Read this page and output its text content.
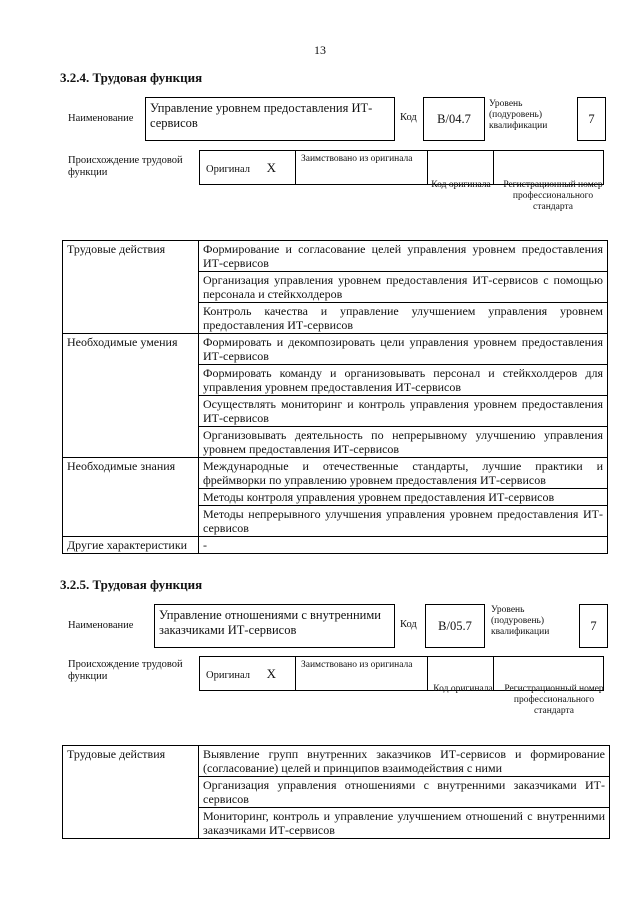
13
3.2.4. Трудовая функция
Наименование
Управление уровнем предоставления ИТ-сервисов	Код	B/04.7
Уровень (подуровень) квалификации	7
Происхождение трудовой функции	Оригинал X	Заимствовано из оригинала		
Код оригинала	Регистрационный номер профессионального стандарта
Трудовые действия	Формирование и согласование целей управления уровнем предоставления ИТ-сервисов
	Организация управления уровнем предоставления ИТ-сервисов с помощью персонала и стейкхолдеров
	Контроль качества и управление улучшением управления уровнем предоставления ИТ-сервисов
Необходимые умения	Формировать и декомпозировать цели управления уровнем предоставления ИТ-сервисов
	Формировать команду и организовывать персонал и стейкхолдеров для управления уровнем предоставления ИТ-сервисов
	Осуществлять мониторинг и контроль управления уровнем предоставления ИТ-сервисов
	Организовывать деятельность по непрерывному улучшению управления уровнем предоставления ИТ-сервисов
Необходимые знания	Международные и отечественные стандарты, лучшие практики и фреймворки по управлению уровнем предоставления ИТ-сервисов
	Методы контроля управления уровнем предоставления ИТ-сервисов
	Методы непрерывного улучшения управления уровнем предоставления ИТ-сервисов
Другие характеристики	-
3.2.5. Трудовая функция
Наименование
Управление отношениями с внутренними заказчиками ИТ-сервисов	Код	B/05.7
Уровень (подуровень) квалификации	7
Происхождение трудовой функции	Оригинал X	Заимствовано из оригинала		
Код оригинала	Регистрационный номер профессионального стандарта
Трудовые действия	Выявление групп внутренних заказчиков ИТ-сервисов и формирование (согласование) целей и принципов взаимодействия с ними
	Организация управления отношениями с внутренними заказчиками ИТ-сервисов
	Мониторинг, контроль и управление улучшением отношений с внутренними заказчиками ИТ-сервисов
